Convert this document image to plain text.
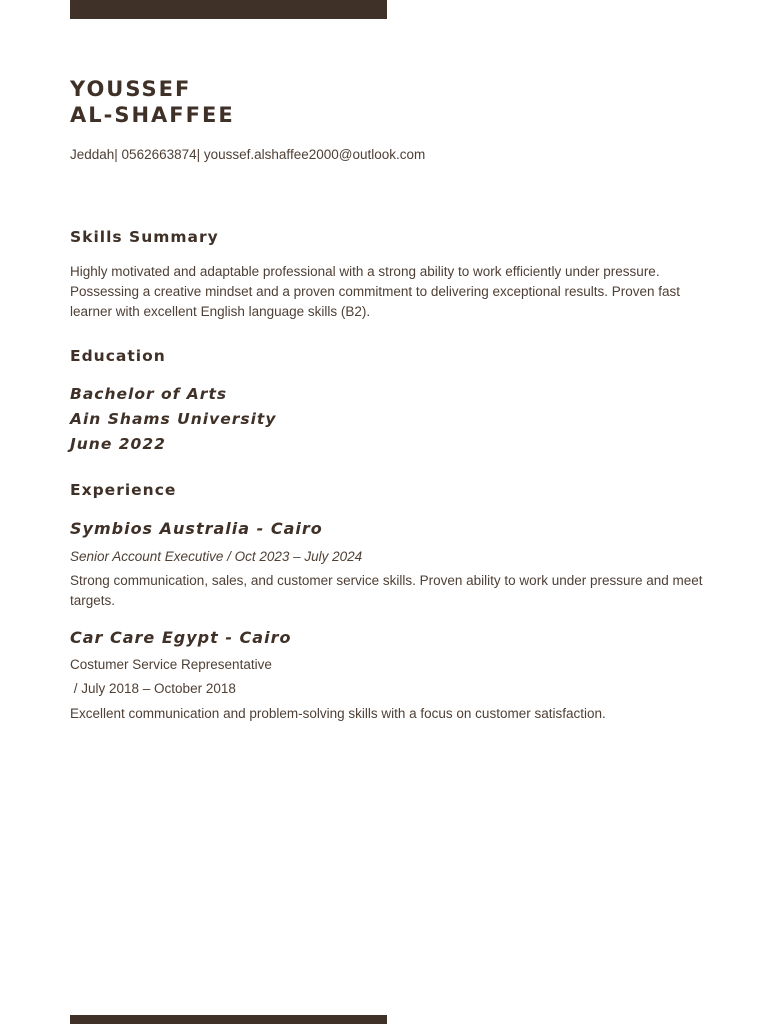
YOUSSEF
AL-SHAFFEE
Jeddah| 0562663874| youssef.alshaffee2000@outlook.com
Skills Summary

Highly motivated and adaptable professional with a strong ability to work efficiently under pressure. Possessing a creative mindset and a proven commitment to delivering exceptional results. Proven fast learner with excellent English language skills (B2).

Education
Bachelor of Arts
Ain Shams University
June 2022
Experience
Symbios Australia - Cairo
Senior Account Executive / Oct 2023 – July 2024

Strong communication, sales, and customer service skills. Proven ability to work under pressure and meet targets.

Car Care Egypt - Cairo
Costumer Service Representative
/ July 2018 – October 2018

Excellent communication and problem-solving skills with a focus on customer satisfaction.
